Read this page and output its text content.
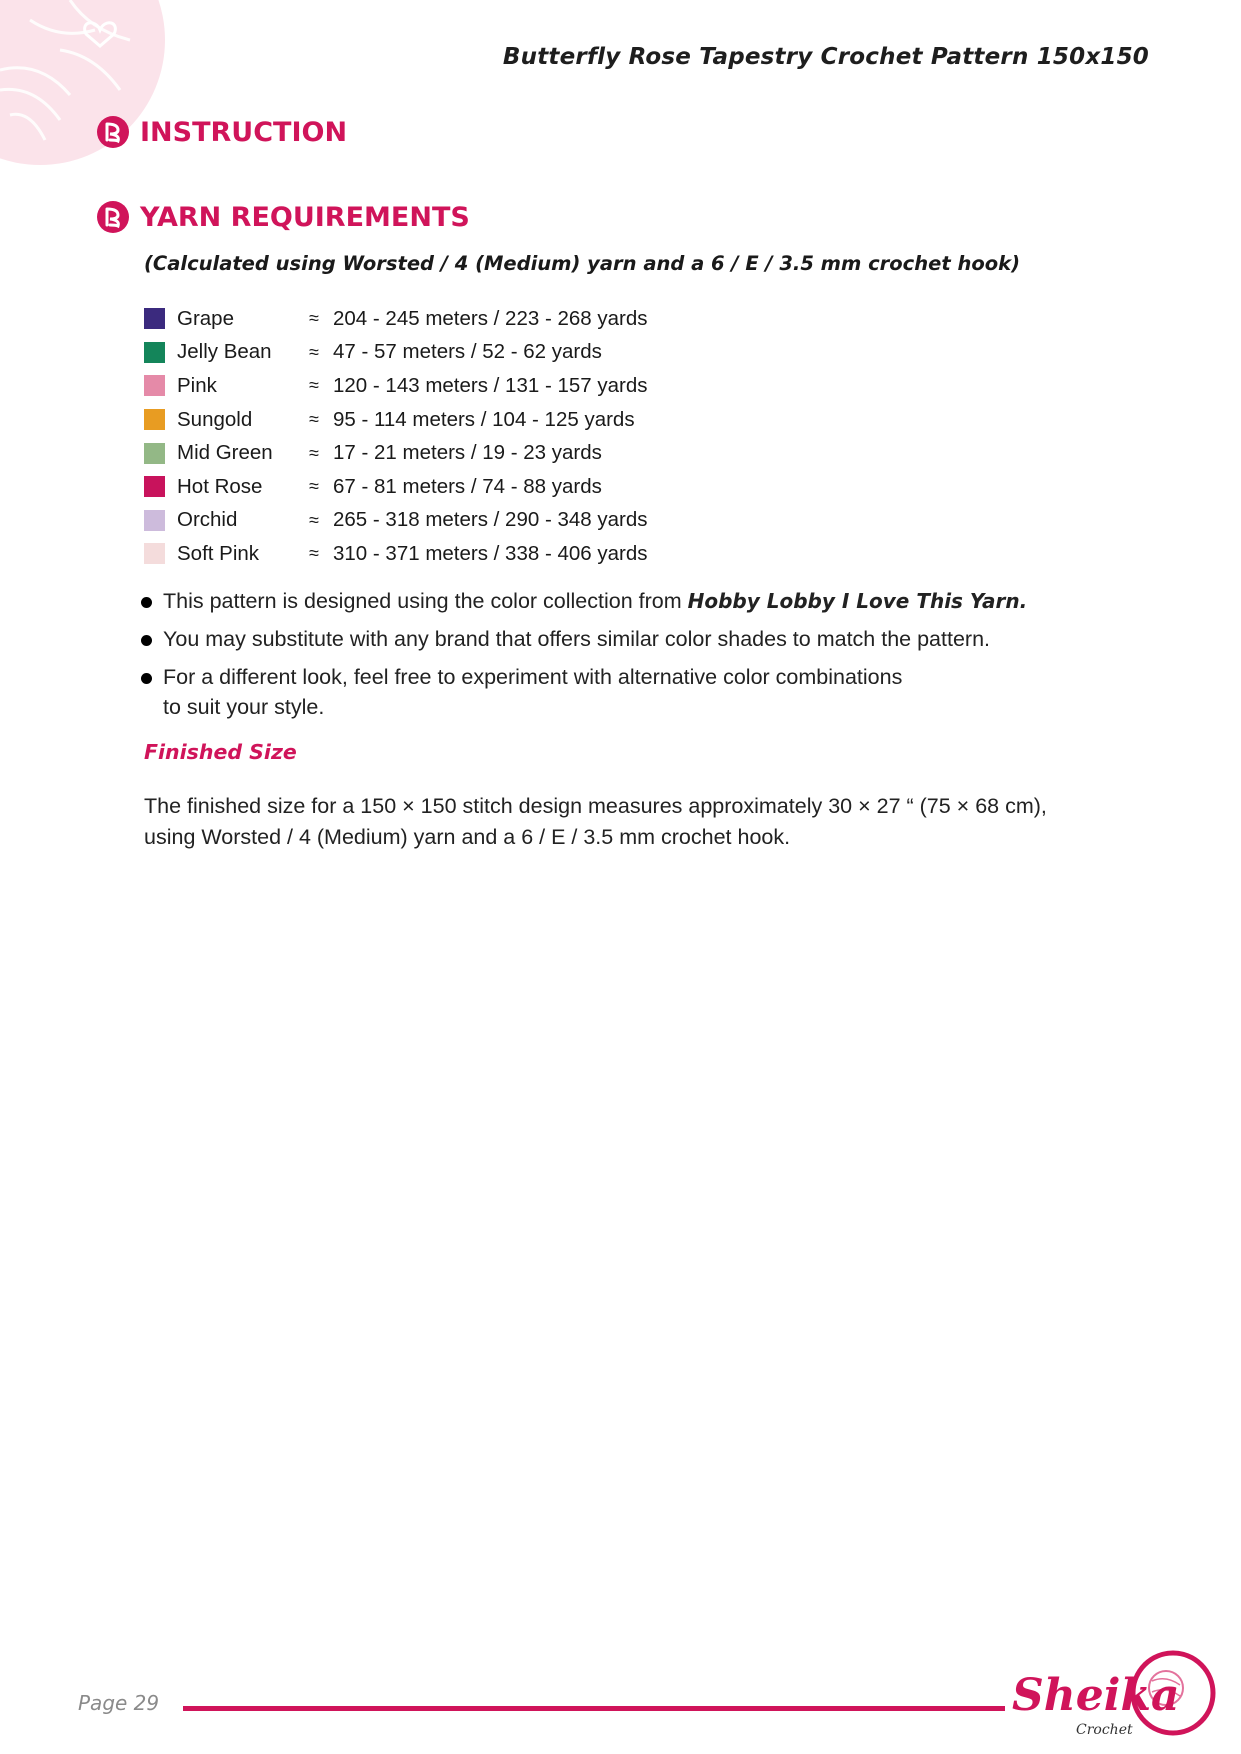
Butterfly Rose Tapestry Crochet Pattern 150x150
INSTRUCTION
YARN REQUIREMENTS
(Calculated using Worsted / 4 (Medium) yarn and a 6 / E / 3.5 mm crochet hook)
Grape	≈ 204 - 245 meters / 223 - 268 yards
Jelly Bean	≈ 47 - 57 meters / 52 - 62 yards
Pink	≈ 120 - 143 meters / 131 - 157 yards
Sungold	≈ 95 - 114 meters / 104 - 125 yards
Mid Green	≈ 17 - 21 meters / 19 - 23 yards
Hot Rose	≈ 67 - 81 meters / 74 - 88 yards
Orchid	≈ 265 - 318 meters / 290 - 348 yards
Soft Pink	≈ 310 - 371 meters / 338 - 406 yards
This pattern is designed using the color collection from Hobby Lobby I Love This Yarn.
You may substitute with any brand that offers similar color shades to match the pattern.
For a different look, feel free to experiment with alternative color combinations
to suit your style.
Finished Size
The finished size for a 150 × 150 stitch design measures approximately 30 × 27 “ (75 × 68 cm),
using Worsted / 4 (Medium) yarn and a 6 / E / 3.5 mm crochet hook.
Page 29	Sheika
Crochet
